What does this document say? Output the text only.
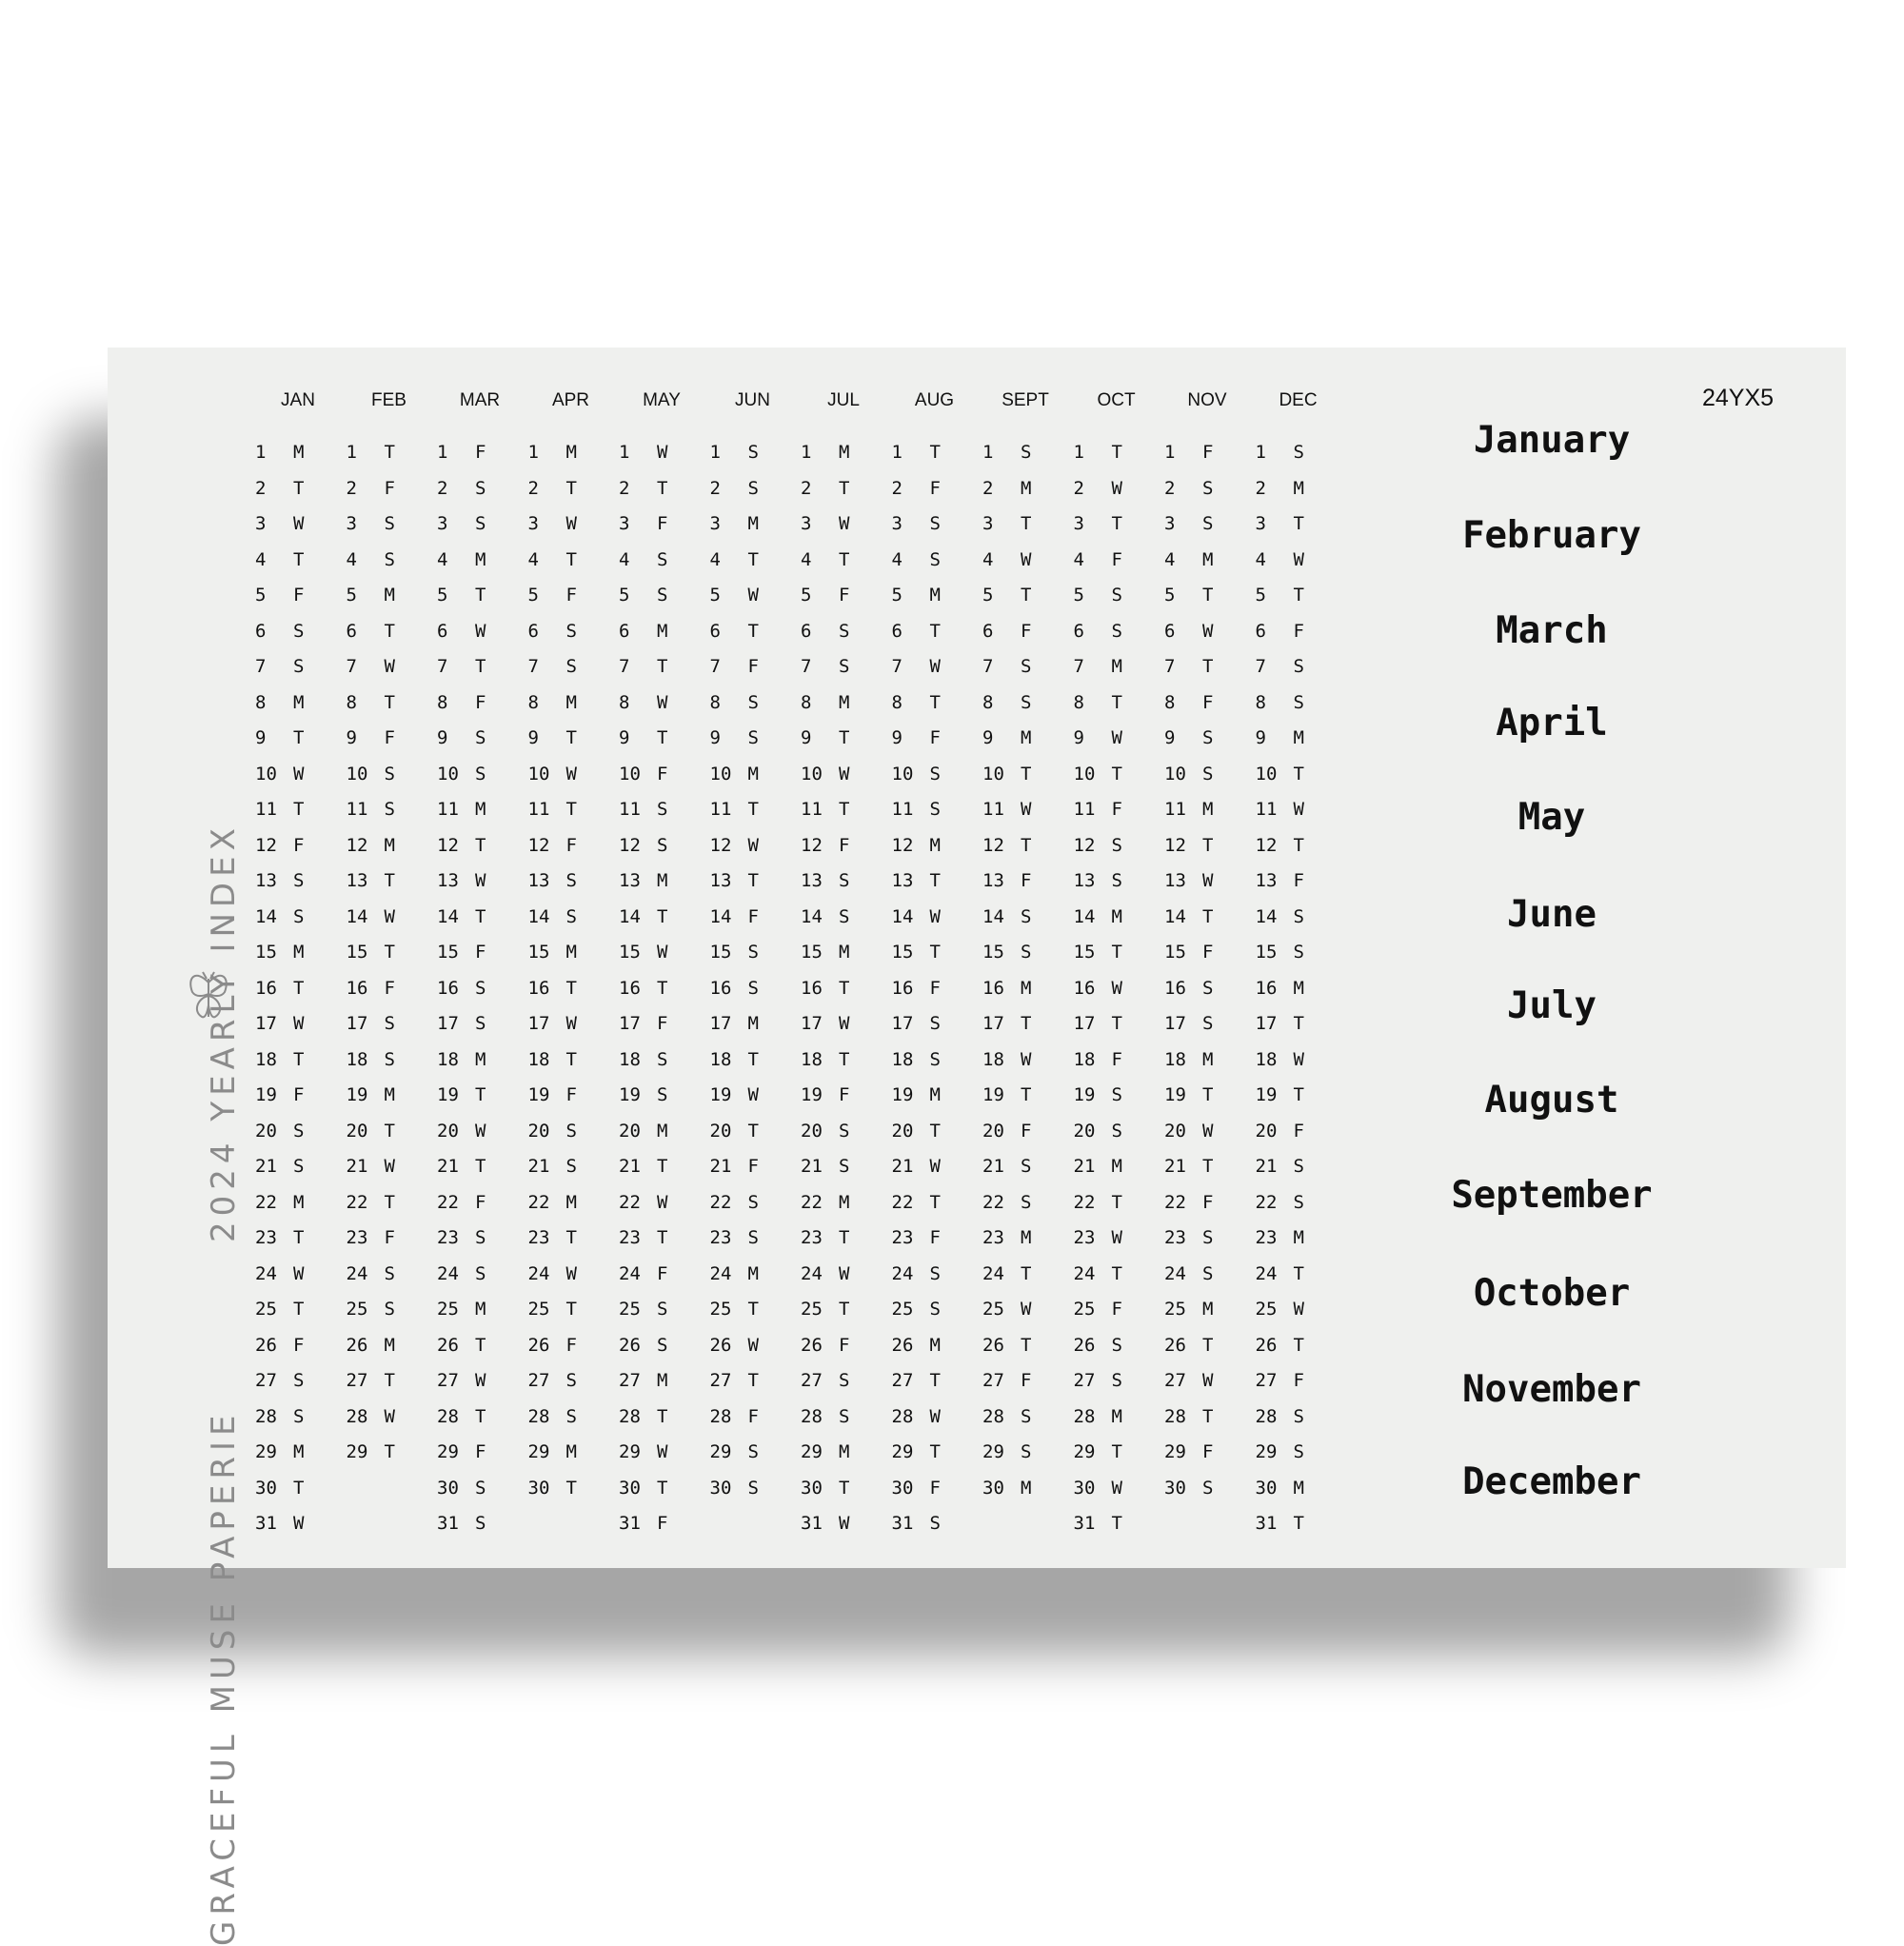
2024 YEARLY INDEX
GRACEFUL MUSE PAPERIE
24YX5
JAN
1 M
2 T
3 W
4 T
5 F
6 S
7 S
8 M
9 T
10 W
11 T
12 F
13 S
14 S
15 M
16 T
17 W
18 T
19 F
20 S
21 S
22 M
23 T
24 W
25 T
26 F
27 S
28 S
29 M
30 T
31 W
FEB
1 T
2 F
3 S
4 S
5 M
6 T
7 W
8 T
9 F
10 S
11 S
12 M
13 T
14 W
15 T
16 F
17 S
18 S
19 M
20 T
21 W
22 T
23 F
24 S
25 S
26 M
27 T
28 W
29 T
MAR
1 F
2 S
3 S
4 M
5 T
6 W
7 T
8 F
9 S
10 S
11 M
12 T
13 W
14 T
15 F
16 S
17 S
18 M
19 T
20 W
21 T
22 F
23 S
24 S
25 M
26 T
27 W
28 T
29 F
30 S
31 S
APR
1 M
2 T
3 W
4 T
5 F
6 S
7 S
8 M
9 T
10 W
11 T
12 F
13 S
14 S
15 M
16 T
17 W
18 T
19 F
20 S
21 S
22 M
23 T
24 W
25 T
26 F
27 S
28 S
29 M
30 T
MAY
1 W
2 T
3 F
4 S
5 S
6 M
7 T
8 W
9 T
10 F
11 S
12 S
13 M
14 T
15 W
16 T
17 F
18 S
19 S
20 M
21 T
22 W
23 T
24 F
25 S
26 S
27 M
28 T
29 W
30 T
31 F
JUN
1 S
2 S
3 M
4 T
5 W
6 T
7 F
8 S
9 S
10 M
11 T
12 W
13 T
14 F
15 S
16 S
17 M
18 T
19 W
20 T
21 F
22 S
23 S
24 M
25 T
26 W
27 T
28 F
29 S
30 S
JUL
1 M
2 T
3 W
4 T
5 F
6 S
7 S
8 M
9 T
10 W
11 T
12 F
13 S
14 S
15 M
16 T
17 W
18 T
19 F
20 S
21 S
22 M
23 T
24 W
25 T
26 F
27 S
28 S
29 M
30 T
31 W
AUG
1 T
2 F
3 S
4 S
5 M
6 T
7 W
8 T
9 F
10 S
11 S
12 M
13 T
14 W
15 T
16 F
17 S
18 S
19 M
20 T
21 W
22 T
23 F
24 S
25 S
26 M
27 T
28 W
29 T
30 F
31 S
SEPT
1 S
2 M
3 T
4 W
5 T
6 F
7 S
8 S
9 M
10 T
11 W
12 T
13 F
14 S
15 S
16 M
17 T
18 W
19 T
20 F
21 S
22 S
23 M
24 T
25 W
26 T
27 F
28 S
29 S
30 M
OCT
1 T
2 W
3 T
4 F
5 S
6 S
7 M
8 T
9 W
10 T
11 F
12 S
13 S
14 M
15 T
16 W
17 T
18 F
19 S
20 S
21 M
22 T
23 W
24 T
25 F
26 S
27 S
28 M
29 T
30 W
31 T
NOV
1 F
2 S
3 S
4 M
5 T
6 W
7 T
8 F
9 S
10 S
11 M
12 T
13 W
14 T
15 F
16 S
17 S
18 M
19 T
20 W
21 T
22 F
23 S
24 S
25 M
26 T
27 W
28 T
29 F
30 S
DEC
1 S
2 M
3 T
4 W
5 T
6 F
7 S
8 S
9 M
10 T
11 W
12 T
13 F
14 S
15 S
16 M
17 T
18 W
19 T
20 F
21 S
22 S
23 M
24 T
25 W
26 T
27 F
28 S
29 S
30 M
31 T
January
February
March
April
May
June
July
August
September
October
November
December
